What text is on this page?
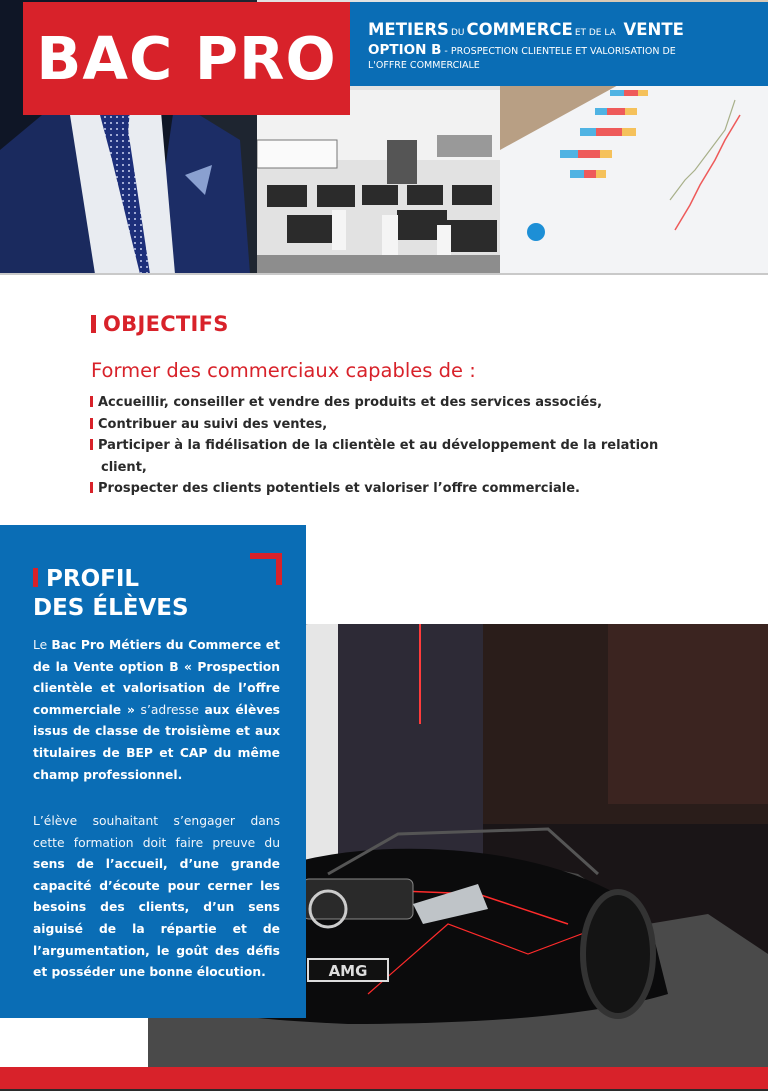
BAC PRO METIERS DU COMMERCE ET DE LA VENTE
OPTION B - PROSPECTION CLIENTELE ET VALORISATION DE
L'OFFRE COMMERCIALE
OBJECTIFS
Former des commerciaux capables de :
Accueillir, conseiller et vendre des produits et des services associés,
Contribuer au suivi des ventes,
Participer à la fidélisation de la clientèle et au développement de la relation
client,
Prospecter des clients potentiels et valoriser l’offre commerciale.
AMG
PROFIL
DES ÉLÈVES
Le Bac Pro Métiers du Commerce et de la Vente option B « Prospection clientèle et valorisation de l’offre commerciale » s’adresse aux élèves issus de classe de troisième et aux titulaires de BEP et CAP du même champ professionnel.
L’élève souhaitant s’engager dans cette formation doit faire preuve du sens de l’accueil, d’une grande capacité d’écoute pour cerner les besoins des clients, d’un sens aiguisé de la répartie et de l’argumentation, le goût des défis et posséder une bonne élocution.
